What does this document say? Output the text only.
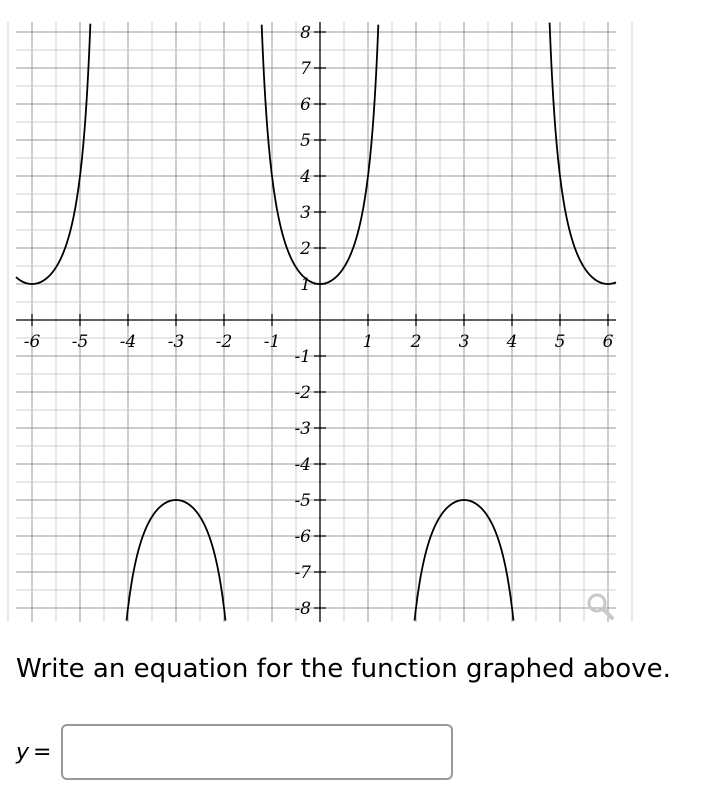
-6 -5 -4 -3 -2 -1	1 2 3 4 5 6
8
7
6
5
4
3
2
1
-1
-2
-3
-4
-5
-6
-7
-8
Write an equation for the function graphed above.
y =
